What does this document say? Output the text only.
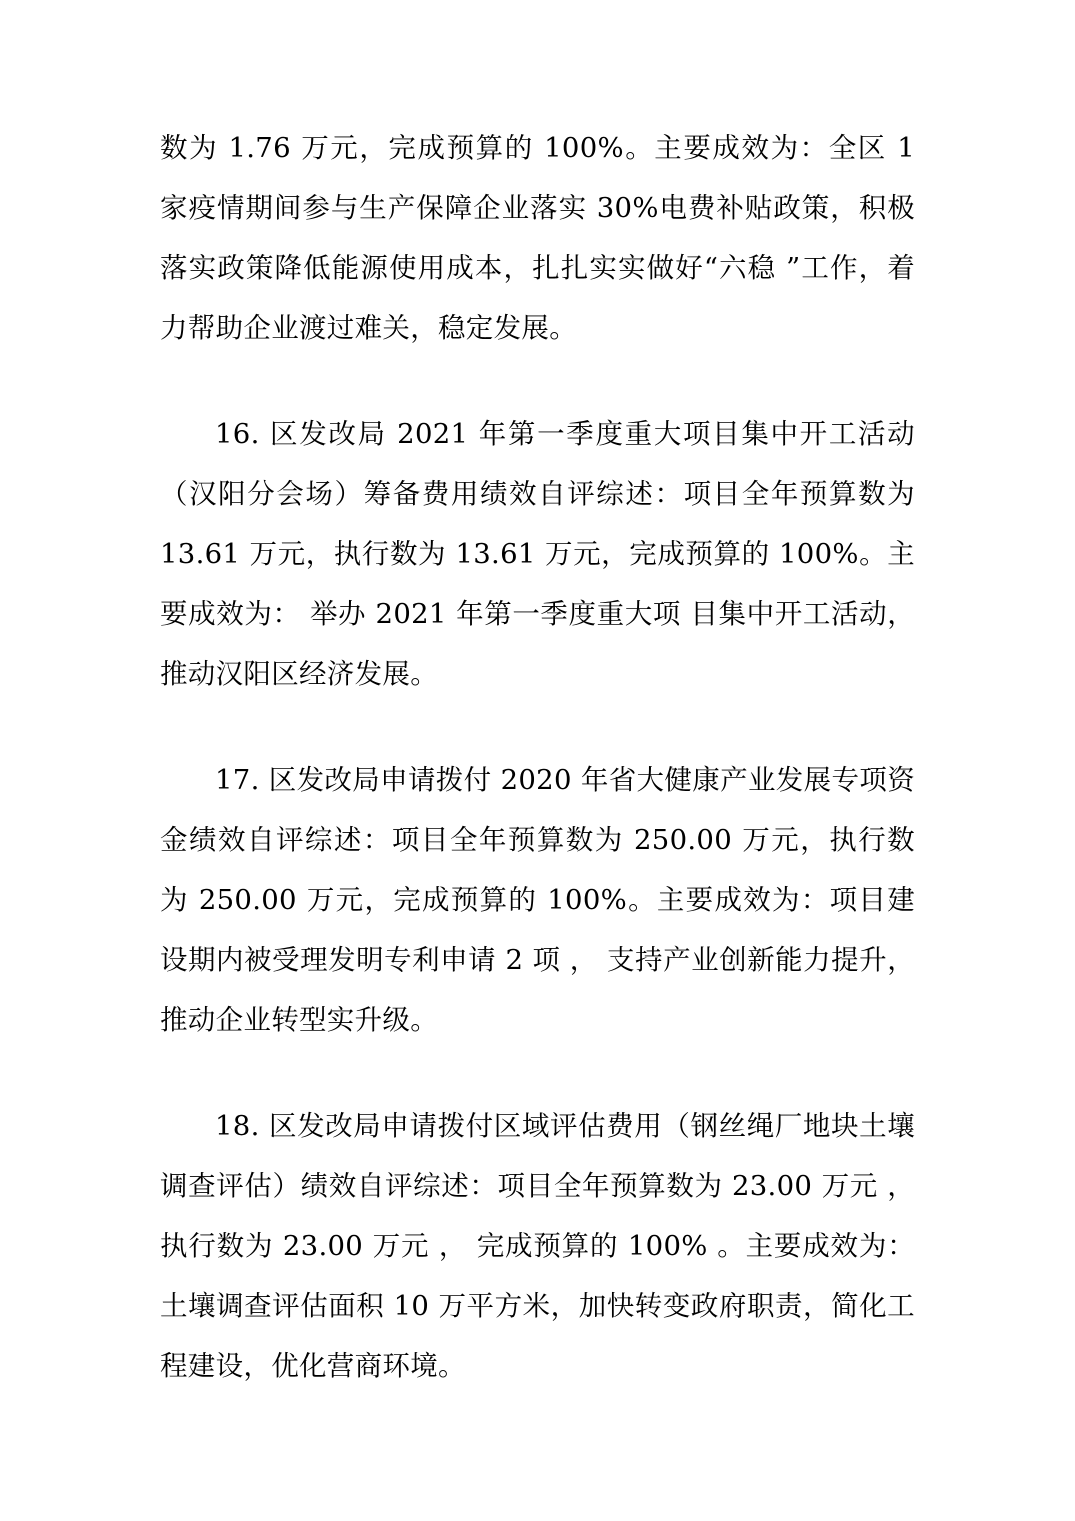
数为 1.76 万元，完成预算的 100%。主要成效为：全区 1 家疫情期间参与生产保障企业落实 30%电费补贴政策，积极落实政策降低能源使用成本，扎扎实实做好“六稳 ”工作，着力帮助企业渡过难关，稳定发展。

16. 区发改局 2021 年第一季度重大项目集中开工活动（汉阳分会场）筹备费用绩效自评综述：项目全年预算数为 13.61 万元，执行数为 13.61 万元，完成预算的 100%。主要成效为： 举办 2021 年第一季度重大项 目集中开工活动，推动汉阳区经济发展。

17. 区发改局申请拨付 2020 年省大健康产业发展专项资金绩效自评综述：项目全年预算数为 250.00 万元，执行数为 250.00 万元，完成预算的 100%。主要成效为：项目建设期内被受理发明专利申请 2 项 ， 支持产业创新能力提升，推动企业转型实升级。

18. 区发改局申请拨付区域评估费用（钢丝绳厂地块土壤调查评估）绩效自评综述：项目全年预算数为 23.00 万元 ， 执行数为 23.00 万元 ， 完成预算的 100% 。主要成效为：土壤调查评估面积 10 万平方米，加快转变政府职责，简化工程建设，优化营商环境。
